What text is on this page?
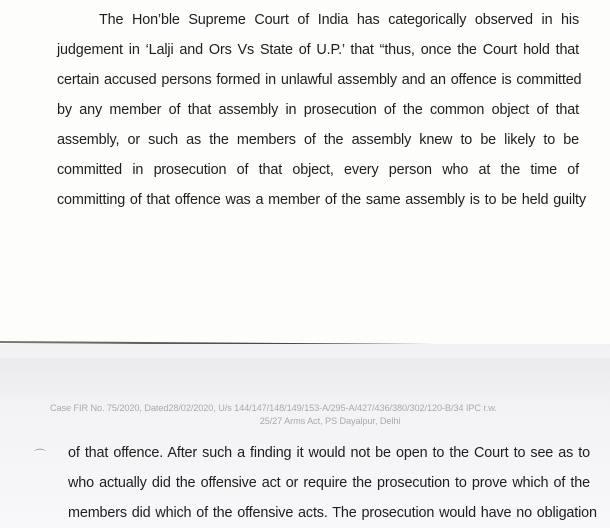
The Hon’ble Supreme Court of India has categorically observed in his
judgement in ‘Lalji and Ors Vs State of U.P.’ that “thus, once the Court hold that
certain accused persons formed in unlawful assembly and an offence is committed
by any member of that assembly in prosecution of the common object of that
assembly, or such as the members of the assembly knew to be likely to be
committed in prosecution of that object, every person who at the time of
committing of that offence was a member of the same assembly is to be held guilty
Case FIR No. 75/2020, Dated28/02/2020, U/s 144/147/148/149/153-A/295-A/427/436/380/302/120-B/34 IPC r.w.
25/27 Arms Act, PS Dayalpur, Delhi
⌒ of that offence. After such a finding it would not be open to the Court to see as to
who actually did the offensive act or require the prosecution to prove which of the
members did which of the offensive acts. The prosecution would have no obligation
